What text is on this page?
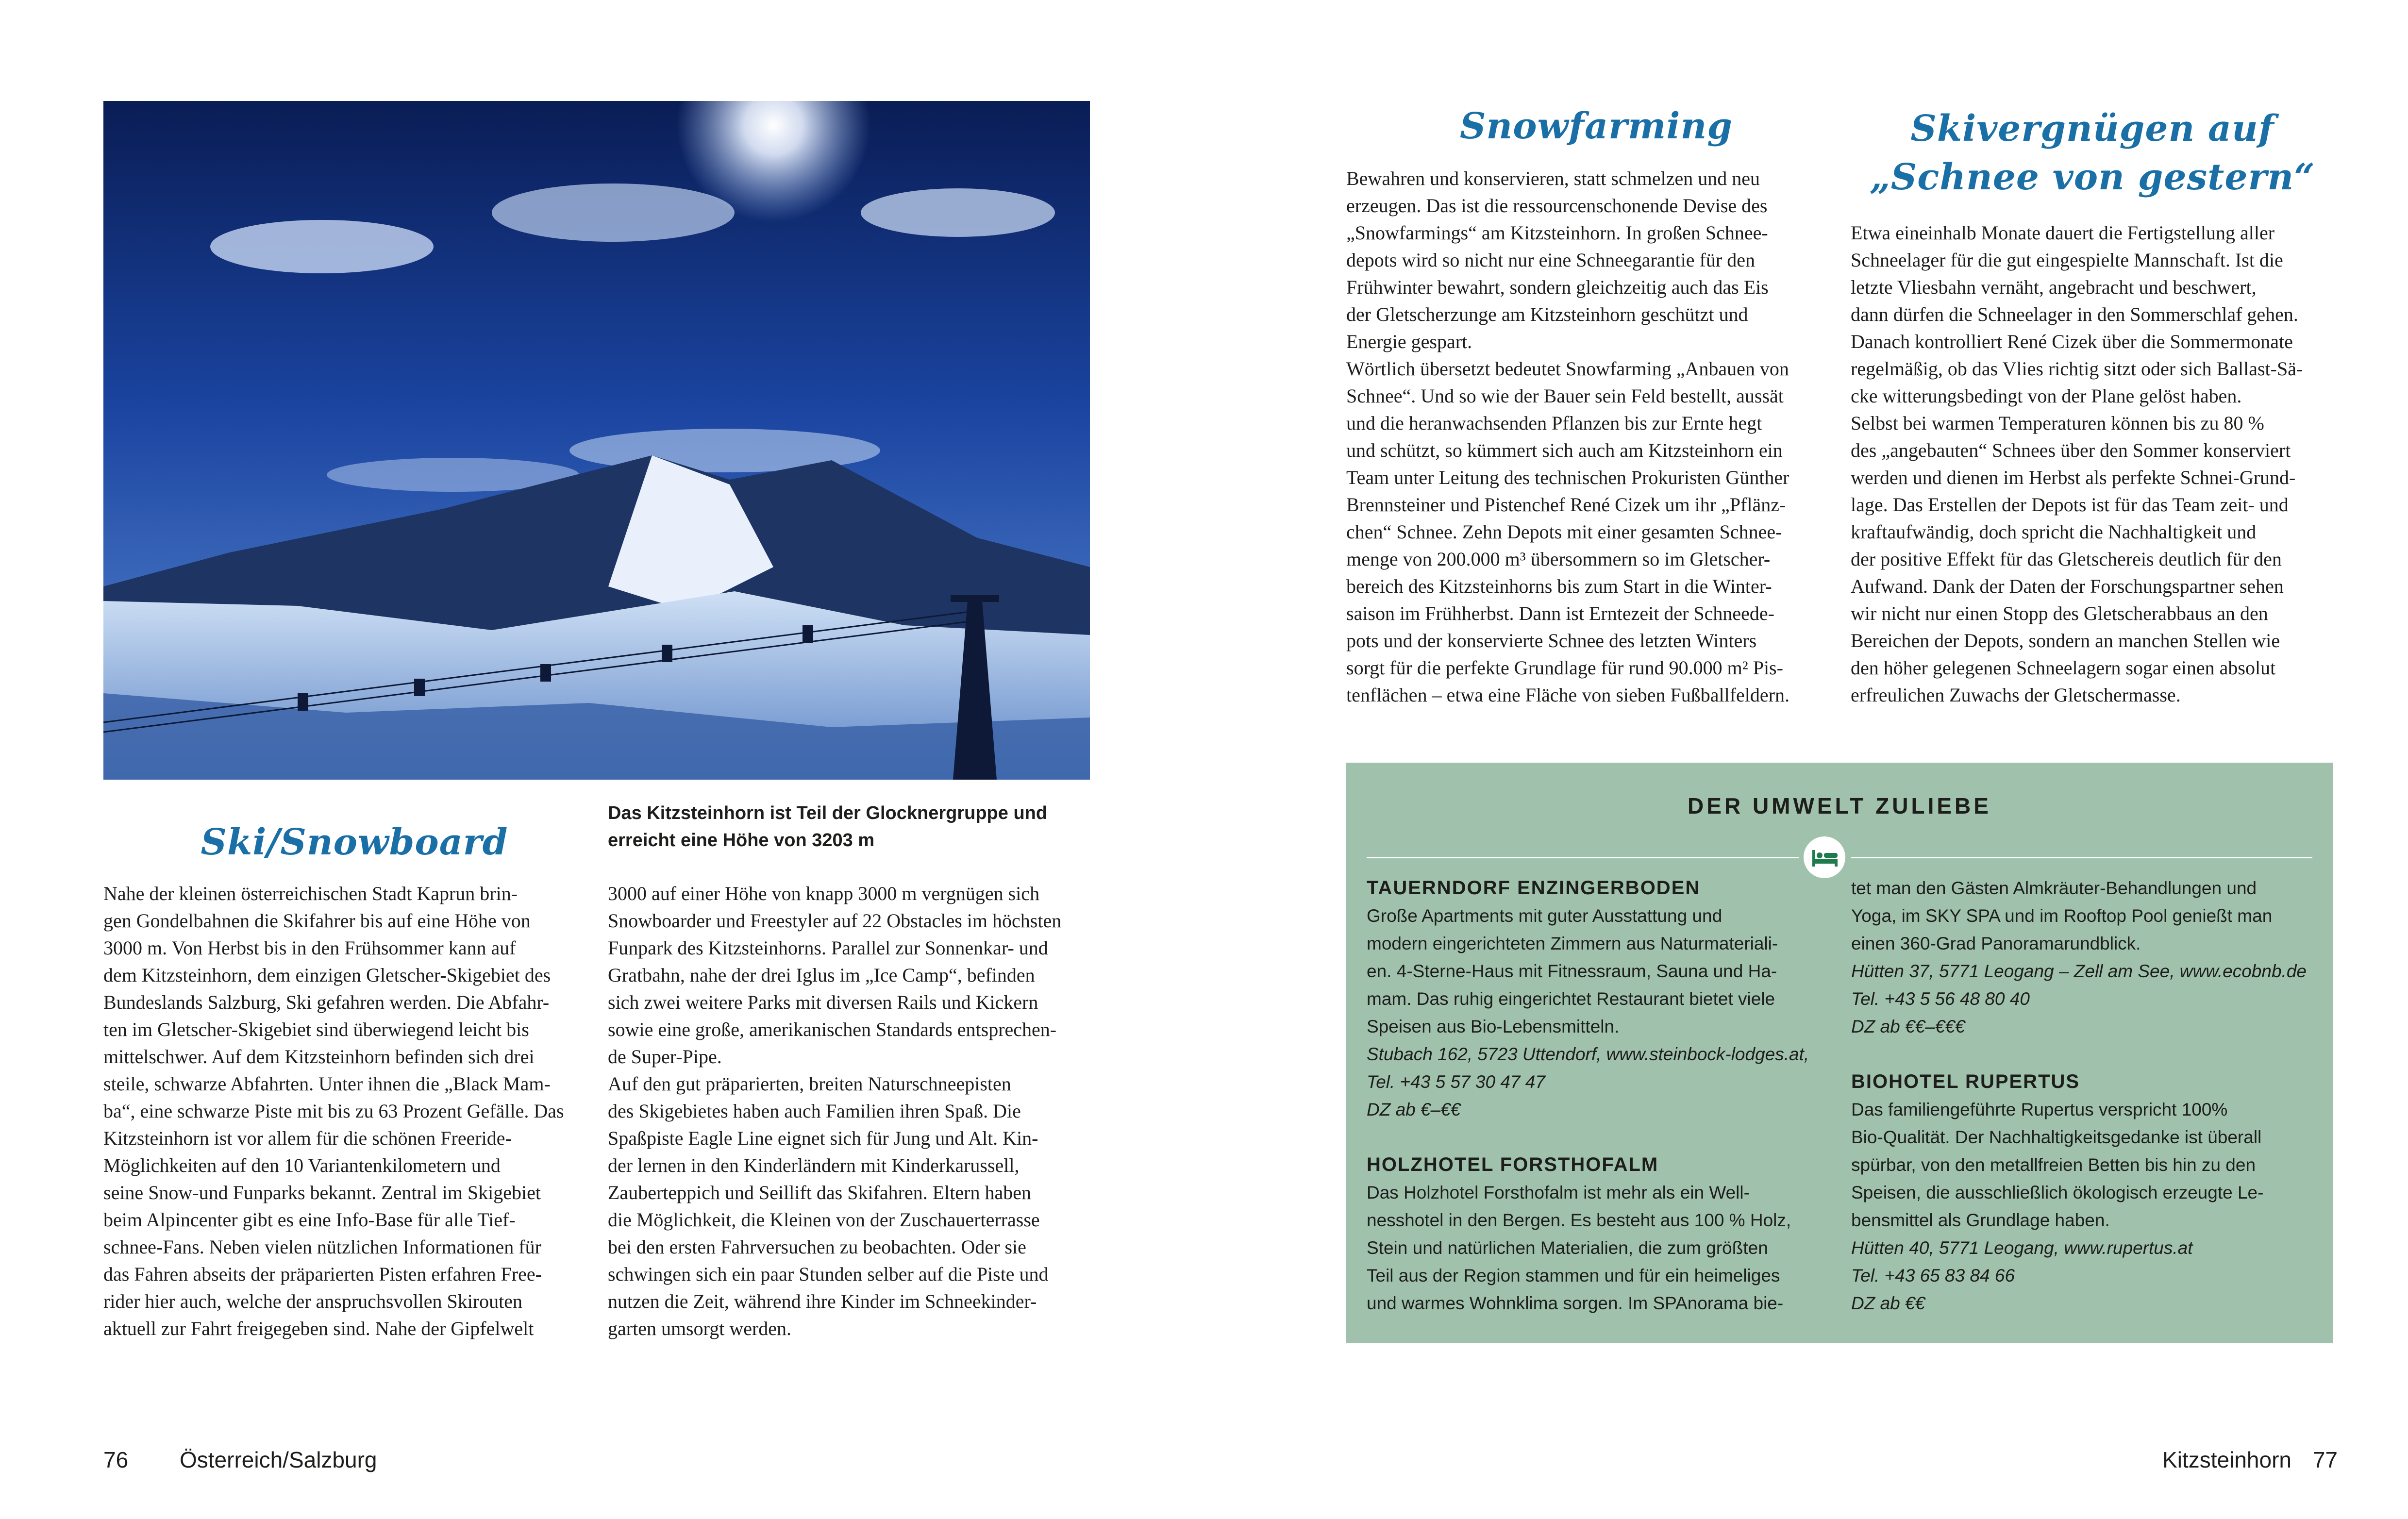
Ski/Snowboard
Das Kitzsteinhorn ist Teil der Glocknergruppe und erreicht eine Höhe von 3203 m

Nahe der kleinen österreichischen Stadt Kaprun brin-

gen Gondelbahnen die Skifahrer bis auf eine Höhe von

3000 m. Von Herbst bis in den Frühsommer kann auf

dem Kitzsteinhorn, dem einzigen Gletscher-Skigebiet des

Bundeslands Salzburg, Ski gefahren werden. Die Abfahr-

ten im Gletscher-Skigebiet sind überwiegend leicht bis

mittelschwer. Auf dem Kitzsteinhorn befinden sich drei

steile, schwarze Abfahrten. Unter ihnen die „Black Mam-

ba“, eine schwarze Piste mit bis zu 63 Prozent Gefälle. Das

Kitzsteinhorn ist vor allem für die schönen Freeride-

Möglichkeiten auf den 10 Variantenkilometern und

seine Snow-und Funparks bekannt. Zentral im Skigebiet

beim Alpincenter gibt es eine Info-Base für alle Tief-

schnee-Fans. Neben vielen nützlichen Informationen für

das Fahren abseits der präparierten Pisten erfahren Free-

rider hier auch, welche der anspruchsvollen Skirouten

aktuell zur Fahrt freigegeben sind. Nahe der Gipfelwelt

3000 auf einer Höhe von knapp 3000 m vergnügen sich

Snowboarder und Freestyler auf 22 Obstacles im höchsten

Funpark des Kitzsteinhorns. Parallel zur Sonnenkar- und

Gratbahn, nahe der drei Iglus im „Ice Camp“, befinden

sich zwei weitere Parks mit diversen Rails und Kickern

sowie eine große, amerikanischen Standards entsprechen-

de Super-Pipe.

Auf den gut präparierten, breiten Naturschneepisten

des Skigebietes haben auch Familien ihren Spaß. Die

Spaßpiste Eagle Line eignet sich für Jung und Alt. Kin-

der lernen in den Kinderländern mit Kinderkarussell,

Zauberteppich und Seillift das Skifahren. Eltern haben

die Möglichkeit, die Kleinen von der Zuschauerterrasse

bei den ersten Fahrversuchen zu beobachten. Oder sie

schwingen sich ein paar Stunden selber auf die Piste und

nutzen die Zeit, während ihre Kinder im Schneekinder-

garten umsorgt werden.

76 Österreich/Salzburg
Snowfarming	Skivergnügen auf
„Schnee von gestern“

Bewahren und konservieren, statt schmelzen und neu

erzeugen. Das ist die ressourcenschonende Devise des

„Snowfarmings“ am Kitzsteinhorn. In großen Schnee-

depots wird so nicht nur eine Schneegarantie für den

Frühwinter bewahrt, sondern gleichzeitig auch das Eis

der Gletscherzunge am Kitzsteinhorn geschützt und

Energie gespart.

Wörtlich übersetzt bedeutet Snowfarming „Anbauen von

Schnee“. Und so wie der Bauer sein Feld bestellt, aussät

und die heranwachsenden Pflanzen bis zur Ernte hegt

und schützt, so kümmert sich auch am Kitzsteinhorn ein

Team unter Leitung des technischen Prokuristen Günther

Brennsteiner und Pistenchef René Cizek um ihr „Pflänz-

chen“ Schnee. Zehn Depots mit einer gesamten Schnee-

menge von 200.000 m³ übersommern so im Gletscher-

bereich des Kitzsteinhorns bis zum Start in die Winter-

saison im Frühherbst. Dann ist Erntezeit der Schneede-

pots und der konservierte Schnee des letzten Winters

sorgt für die perfekte Grundlage für rund 90.000 m² Pis-

tenflächen – etwa eine Fläche von sieben Fußballfeldern.

Etwa eineinhalb Monate dauert die Fertigstellung aller

Schneelager für die gut eingespielte Mannschaft. Ist die

letzte Vliesbahn vernäht, angebracht und beschwert,

dann dürfen die Schneelager in den Sommerschlaf gehen.

Danach kontrolliert René Cizek über die Sommermonate

regelmäßig, ob das Vlies richtig sitzt oder sich Ballast-Sä-

cke witterungsbedingt von der Plane gelöst haben.

Selbst bei warmen Temperaturen können bis zu 80 %

des „angebauten“ Schnees über den Sommer konserviert

werden und dienen im Herbst als perfekte Schnei-Grund-

lage. Das Erstellen der Depots ist für das Team zeit- und

kraftaufwändig, doch spricht die Nachhaltigkeit und

der positive Effekt für das Gletschereis deutlich für den

Aufwand. Dank der Daten der Forschungspartner sehen

wir nicht nur einen Stopp des Gletscherabbaus an den

Bereichen der Depots, sondern an manchen Stellen wie

den höher gelegenen Schneelagern sogar einen absolut

erfreulichen Zuwachs der Gletschermasse.

DER UMWELT ZULIEBE

TAUERNDORF ENZINGERBODEN

Große Apartments mit guter Ausstattung und

modern eingerichteten Zimmern aus Naturmateriali-

en. 4-Sterne-Haus mit Fitnessraum, Sauna und Ha-

mam. Das ruhig eingerichtet Restaurant bietet viele

Speisen aus Bio-Lebensmitteln.

Stubach 162, 5723 Uttendorf, www.steinbock-lodges.at,

Tel. +43 5 57 30 47 47

DZ ab €–€€

HOLZHOTEL FORSTHOFALM

Das Holzhotel Forsthofalm ist mehr als ein Well-

nesshotel in den Bergen. Es besteht aus 100 % Holz,

Stein und natürlichen Materialien, die zum größten

Teil aus der Region stammen und für ein heimeliges

und warmes Wohnklima sorgen. Im SPAnorama bie-

tet man den Gästen Almkräuter-Behandlungen und

Yoga, im SKY SPA und im Rooftop Pool genießt man

einen 360-Grad Panoramarundblick.

Hütten 37, 5771 Leogang – Zell am See, www.ecobnb.de

Tel. +43 5 56 48 80 40

DZ ab €€–€€€

BIOHOTEL RUPERTUS

Das familiengeführte Rupertus verspricht 100%

Bio-Qualität. Der Nachhaltigkeitsgedanke ist überall

spürbar, von den metallfreien Betten bis hin zu den

Speisen, die ausschließlich ökologisch erzeugte Le-

bensmittel als Grundlage haben.

Hütten 40, 5771 Leogang, www.rupertus.at

Tel. +43 65 83 84 66

DZ ab €€

Kitzsteinhorn 77
